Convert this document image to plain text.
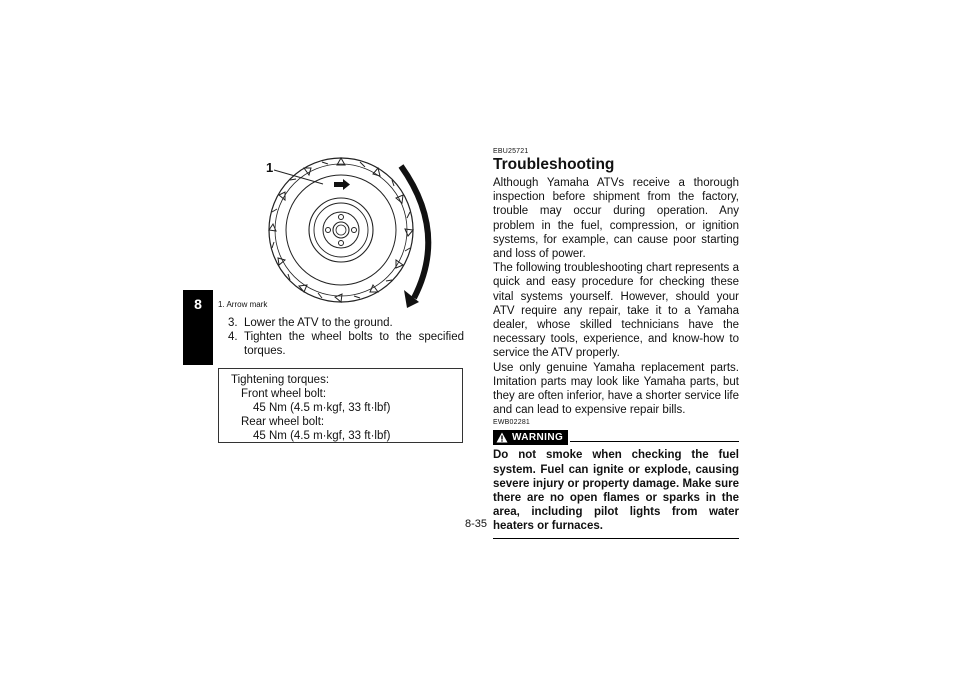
8
1
1. Arrow mark
3. Lower the ATV to the ground.
4. Tighten the wheel bolts to the specified torques.
Tightening torques:
Front wheel bolt:
45 Nm (4.5 m·kgf, 33 ft·lbf)
Rear wheel bolt:
45 Nm (4.5 m·kgf, 33 ft·lbf)
EBU25721
Troubleshooting

Although Yamaha ATVs receive a thorough inspection before shipment from the factory, trouble may occur during operation. Any problem in the fuel, compression, or ignition systems, for example, can cause poor starting and loss of power.

The following troubleshooting chart represents a quick and easy procedure for checking these vital systems yourself. However, should your ATV require any repair, take it to a Yamaha dealer, whose skilled technicians have the necessary tools, experience, and know-how to service the ATV properly.

Use only genuine Yamaha replacement parts. Imitation parts may look like Yamaha parts, but they are often inferior, have a shorter service life and can lead to expensive repair bills.

EWB02281
WARNING

Do not smoke when checking the fuel system. Fuel can ignite or explode, causing severe injury or property damage. Make sure there are no open flames or sparks in the area, including pilot lights from water heaters or furnaces.

8-35
